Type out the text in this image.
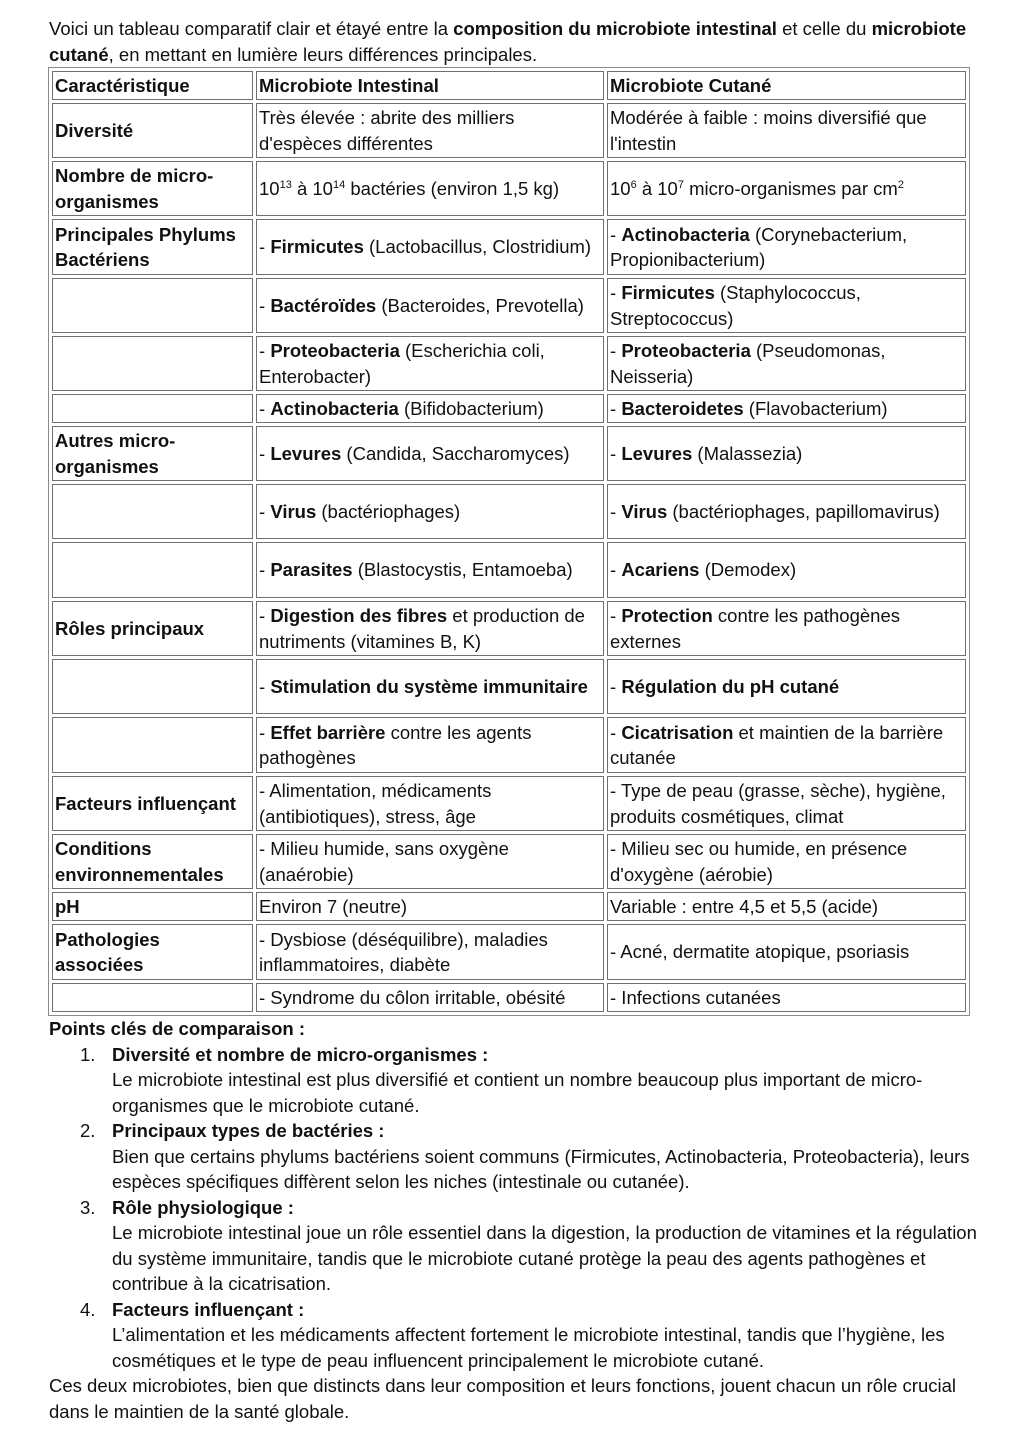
Voici un tableau comparatif clair et étayé entre la composition du microbiote intestinal et celle du microbiote cutané, en mettant en lumière leurs différences principales.

Caractéristique	Microbiote Intestinal	Microbiote Cutané
Diversité	Très élevée : abrite des milliers d'espèces différentes	Modérée à faible : moins diversifié que l'intestin
Nombre de micro-organismes	$10^{13}$ à $10^{14}$ bactéries (environ 1,5 kg)	$10^6$ à $10^7$ micro-organismes par $cm^2$
Principales Phylums Bactériens	- Firmicutes (Lactobacillus, Clostridium)	- Actinobacteria (Corynebacterium, Propionibacterium)
	- Bactéroïdes (Bacteroides, Prevotella)	- Firmicutes (Staphylococcus, Streptococcus)
	- Proteobacteria (Escherichia coli, Enterobacter)	- Proteobacteria (Pseudomonas, Neisseria)
	- Actinobacteria (Bifidobacterium)	- Bacteroidetes (Flavobacterium)
Autres micro-organismes	- Levures (Candida, Saccharomyces)	- Levures (Malassezia)
	- Virus (bactériophages)	- Virus (bactériophages, papillomavirus)
	- Parasites (Blastocystis, Entamoeba)	- Acariens (Demodex)
Rôles principaux	- Digestion des fibres et production de nutriments (vitamines B, K)	- Protection contre les pathogènes externes
	- Stimulation du système immunitaire	- Régulation du pH cutané
	- Effet barrière contre les agents pathogènes	- Cicatrisation et maintien de la barrière cutanée
Facteurs influençant	- Alimentation, médicaments (antibiotiques), stress, âge	- Type de peau (grasse, sèche), hygiène, produits cosmétiques, climat
Conditions environnementales	- Milieu humide, sans oxygène (anaérobie)	- Milieu sec ou humide, en présence d'oxygène (aérobie)
pH	Environ 7 (neutre)	Variable : entre 4,5 et 5,5 (acide)
Pathologies associées	- Dysbiose (déséquilibre), maladies inflammatoires, diabète	- Acné, dermatite atopique, psoriasis
	- Syndrome du côlon irritable, obésité	- Infections cutanées

Points clés de comparaison :

1. Diversité et nombre de micro-organismes :
Le microbiote intestinal est plus diversifié et contient un nombre beaucoup plus important de micro-organismes que le microbiote cutané.
2. Principaux types de bactéries :
Bien que certains phylums bactériens soient communs (Firmicutes, Actinobacteria, Proteobacteria), leurs espèces spécifiques diffèrent selon les niches (intestinale ou cutanée).
3. Rôle physiologique :
Le microbiote intestinal joue un rôle essentiel dans la digestion, la production de vitamines et la régulation du système immunitaire, tandis que le microbiote cutané protège la peau des agents pathogènes et contribue à la cicatrisation.
4. Facteurs influençant :
L’alimentation et les médicaments affectent fortement le microbiote intestinal, tandis que l’hygiène, les cosmétiques et le type de peau influencent principalement le microbiote cutané.

Ces deux microbiotes, bien que distincts dans leur composition et leurs fonctions, jouent chacun un rôle crucial dans le maintien de la santé globale.
